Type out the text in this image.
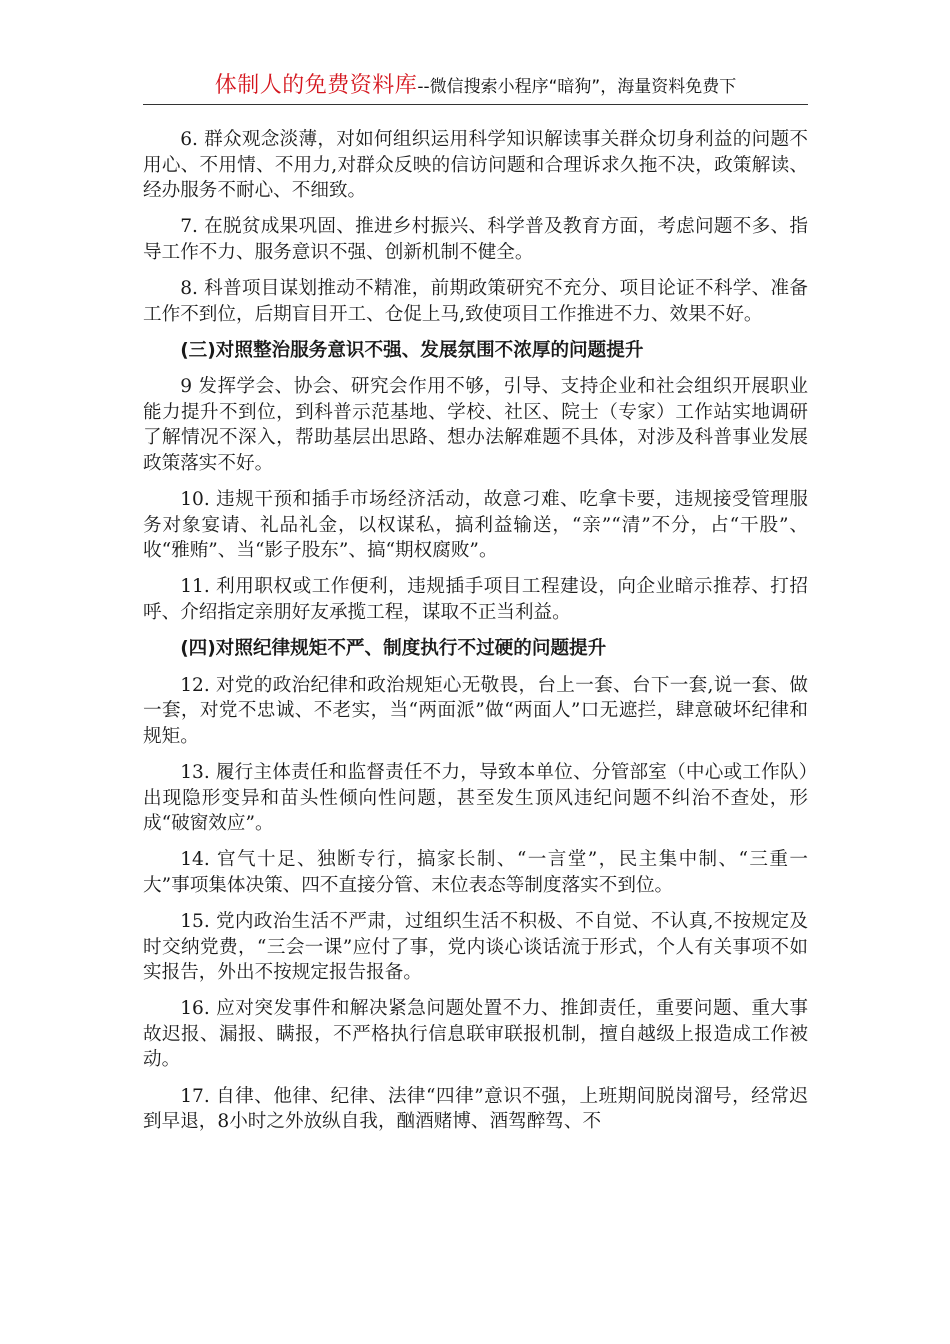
体制人的免费资料库 --微信搜索小程序“暗狗”，海量资料免费下

6. 群众观念淡薄，对如何组织运用科学知识解读事关群众切身利益的问题不用心、不用情、不用力,对群众反映的信访问题和合理诉求久拖不决，政策解读、经办服务不耐心、不细致。

7. 在脱贫成果巩固、推进乡村振兴、科学普及教育方面，考虑问题不多、指导工作不力、服务意识不强、创新机制不健全。

8. 科普项目谋划推动不精准，前期政策研究不充分、项目论证不科学、准备工作不到位，后期盲目开工、仓促上马,致使项目工作推进不力、效果不好。

(三)对照整治服务意识不强、发展氛围不浓厚的问题提升

9 发挥学会、协会、研究会作用不够，引导、支持企业和社会组织开展职业能力提升不到位，到科普示范基地、学校、社区、院士（专家）工作站实地调研了解情况不深入，帮助基层出思路、想办法解难题不具体，对涉及科普事业发展政策落实不好。

10. 违规干预和插手市场经济活动，故意刁难、吃拿卡要，违规接受管理服务对象宴请、礼品礼金，以权谋私，搞利益输送，“亲”“清”不分，占“干股”、收“雅贿”、当“影子股东”、搞“期权腐败”。

11. 利用职权或工作便利，违规插手项目工程建设，向企业暗示推荐、打招呼、介绍指定亲朋好友承揽工程，谋取不正当利益。

(四)对照纪律规矩不严、制度执行不过硬的问题提升

12. 对党的政治纪律和政治规矩心无敬畏，台上一套、台下一套,说一套、做一套，对党不忠诚、不老实，当“两面派”做“两面人”口无遮拦，肆意破坏纪律和规矩。

13. 履行主体责任和监督责任不力，导致本单位、分管部室（中心或工作队）出现隐形变异和苗头性倾向性问题，甚至发生顶风违纪问题不纠治不查处，形成“破窗效应”。

14. 官气十足、独断专行，搞家长制、“一言堂”，民主集中制、“三重一大”事项集体决策、四不直接分管、末位表态等制度落实不到位。

15. 党内政治生活不严肃，过组织生活不积极、不自觉、不认真,不按规定及时交纳党费，“三会一课”应付了事，党内谈心谈话流于形式，个人有关事项不如实报告，外出不按规定报告报备。

16. 应对突发事件和解决紧急问题处置不力、推卸责任，重要问题、重大事故迟报、漏报、瞒报，不严格执行信息联审联报机制，擅自越级上报造成工作被动。

17. 自律、他律、纪律、法律“四律”意识不强，上班期间脱岗溜号，经常迟到早退，8小时之外放纵自我，酗酒赌博、酒驾醉驾、不
